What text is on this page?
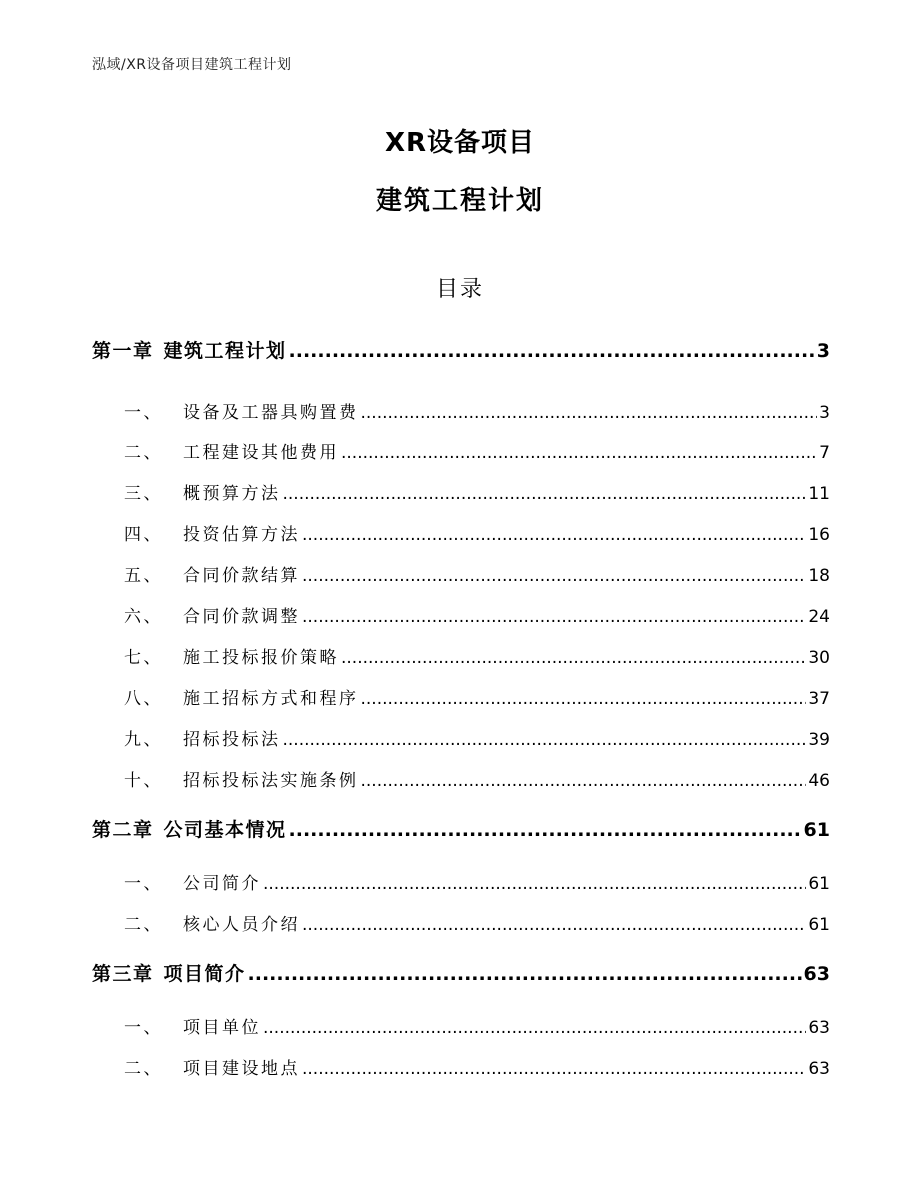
泓域/XR设备项目建筑工程计划
XR设备项目
建筑工程计划
目录
第一章 建筑工程计划 .....	3
一、 设备及工器具购置费 .....	3
二、 工程建设其他费用 .....	7
三、 概预算方法 .....	11
四、 投资估算方法 .....	16
五、 合同价款结算 .....	18
六、 合同价款调整 .....	24
七、 施工投标报价策略 .....	30
八、 施工招标方式和程序 .....	37
九、 招标投标法 .....	39
十、 招标投标法实施条例 .....	46
第二章 公司基本情况 .....	61
一、 公司简介 .....	61
二、 核心人员介绍 .....	61
第三章 项目简介 .....	63
一、 项目单位 .....	63
二、 项目建设地点 .....	63
